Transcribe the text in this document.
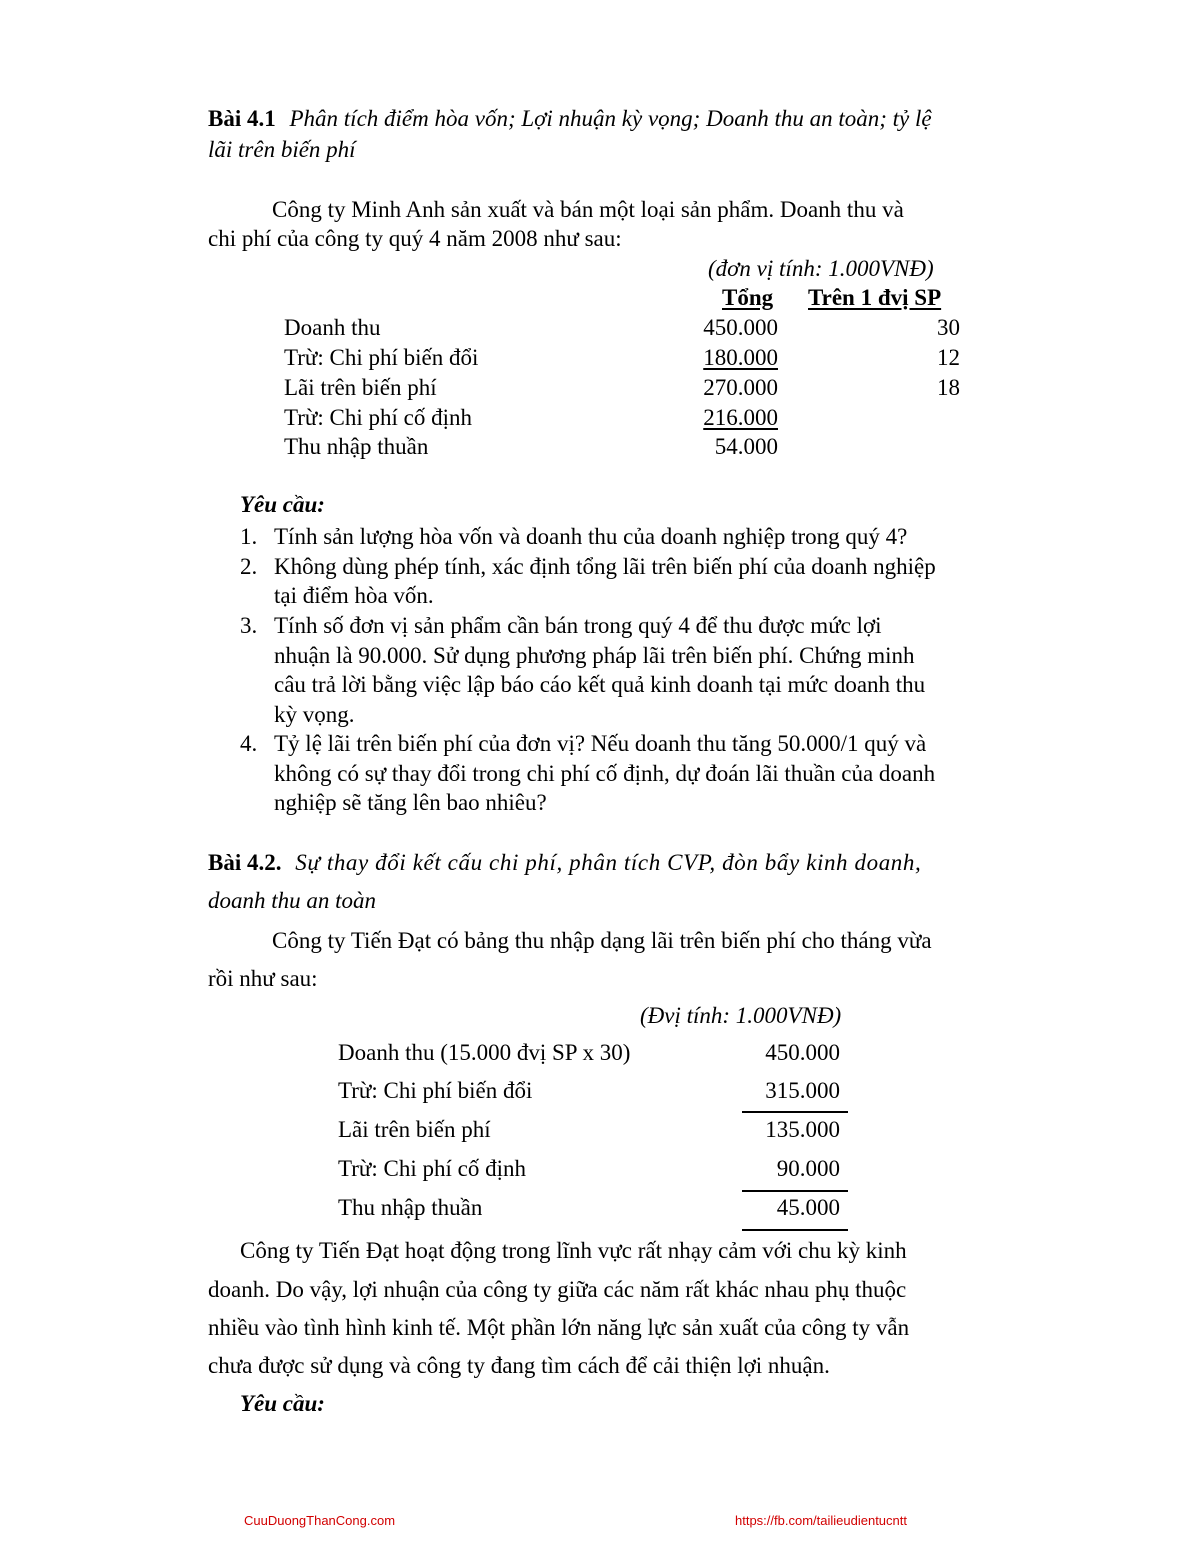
Bài 4.1 Phân tích điểm hòa vốn; Lợi nhuận kỳ vọng; Doanh thu an toàn; tỷ lệ
lãi trên biến phí
Công ty Minh Anh sản xuất và bán một loại sản phẩm. Doanh thu và
chi phí của công ty quý 4 năm 2008 như sau:
(đơn vị tính: 1.000VNĐ)
Tổng Trên 1 đvị SP
Doanh thu	450.000	30
Trừ: Chi phí biến đổi	180.000	12
Lãi trên biến phí	270.000	18
Trừ: Chi phí cố định	216.000
Thu nhập thuần	54.000
Yêu cầu:
1. Tính sản lượng hòa vốn và doanh thu của doanh nghiệp trong quý 4?
2. Không dùng phép tính, xác định tổng lãi trên biến phí của doanh nghiệp
tại điểm hòa vốn.
3. Tính số đơn vị sản phẩm cần bán trong quý 4 để thu được mức lợi
nhuận là 90.000. Sử dụng phương pháp lãi trên biến phí. Chứng minh
câu trả lời bằng việc lập báo cáo kết quả kinh doanh tại mức doanh thu
kỳ vọng.
4. Tỷ lệ lãi trên biến phí của đơn vị? Nếu doanh thu tăng 50.000/1 quý và
không có sự thay đổi trong chi phí cố định, dự đoán lãi thuần của doanh
nghiệp sẽ tăng lên bao nhiêu?
Bài 4.2. Sự thay đổi kết cấu chi phí, phân tích CVP, đòn bẩy kinh doanh,
doanh thu an toàn
Công ty Tiến Đạt có bảng thu nhập dạng lãi trên biến phí cho tháng vừa
rồi như sau:
(Đvị tính: 1.000VNĐ)
Doanh thu (15.000 đvị SP x 30)	450.000
Trừ: Chi phí biến đổi	315.000
Lãi trên biến phí	135.000
Trừ: Chi phí cố định	90.000
Thu nhập thuần	45.000
Công ty Tiến Đạt hoạt động trong lĩnh vực rất nhạy cảm với chu kỳ kinh
doanh. Do vậy, lợi nhuận của công ty giữa các năm rất khác nhau phụ thuộc
nhiều vào tình hình kinh tế. Một phần lớn năng lực sản xuất của công ty vẫn
chưa được sử dụng và công ty đang tìm cách để cải thiện lợi nhuận.
Yêu cầu:
CuuDuongThanCong.com	https://fb.com/tailieudientucntt
